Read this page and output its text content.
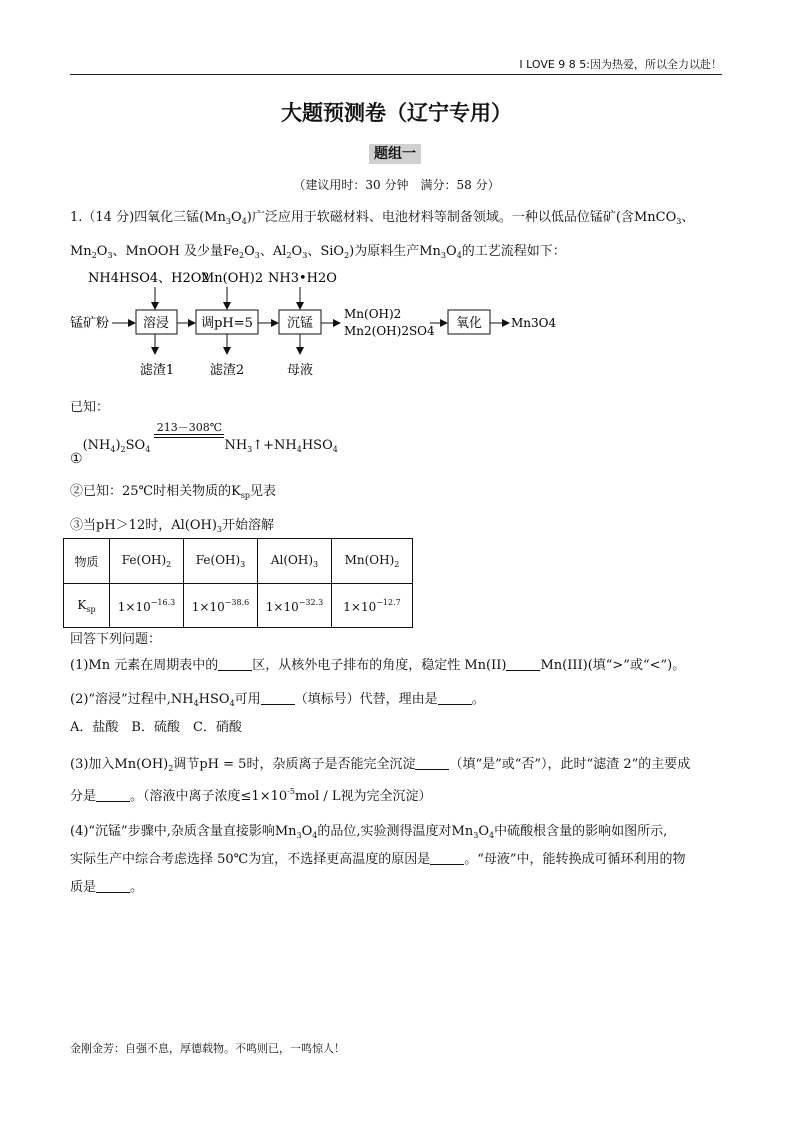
I LOVE 9 8 5:因为热爱，所以全力以赴！
大题预测卷（辽宁专用）
题组一
（建议用时：30 分钟　满分：58 分）
1.（14 分)四氧化三锰$(Mn_3O_4)$广泛应用于软磁材料、电池材料等制备领域。一种以低品位锰矿(含MnCO$_3$、
$Mn_2O_3$、MnOOH 及少量$Fe_2O_3$、$Al_2O_3$、SiO$_2$)为原料生产$Mn_3O_4$的工艺流程如下：
NH4HSO4、H2O2
Mn(OH)2 NH3•H2O
锰矿粉	溶浸 调pH=5	沉锰
Mn(OH)2
Mn2(OH)2SO4 氧化 Mn3O4
滤渣1	滤渣2	母液
已知：
$①(NH_4)_2SO_4$
213－308℃

$NH_3↑+NH_4HSO_4$
②已知：25℃时相关物质的$K_{sp}$见表
③当pH＞12时，$Al(OH)_3$开始溶解
物质	$Fe(OH)_2$	$Fe(OH)_3$	$Al(OH)_3$	$Mn(OH)_2$
$K_{sp}$	$1\times 10^{-16.3}$	$1\times 10^{-38.6}$	$1\times 10^{-32.3}$	$1\times 10^{-12.7}$
回答下列问题：
(1)Mn 元素在周期表中的	区，从核外电子排布的角度，稳定性 Mn(II)	Mn(III)(填“>”或“<”)。
(2)“溶浸”过程中$,NH_4HSO_4$可用	（填标号）代替，理由是	。
A．盐酸　B．硫酸　C．硝酸
(3)加入$Mn(OH)_2$调节pH = 5时，杂质离子是否能完全沉淀	（填“是”或“否”），此时“滤渣 2”的主要成
分是	。（溶液中离子浓度$\le 1\times 10^{-5}mol / L$视为完全沉淀）
(4)“沉锰”步骤中,杂质含量直接影响$Mn_3O_4$的品位,实验测得温度对$Mn_3O_4$中硫酸根含量的影响如图所示,
实际生产中综合考虑选择 50℃为宜，不选择更高温度的原因是	。“母液”中，能转换成可循环利用的物
质是	。
金刚金芳：自强不息，厚德载物。不鸣则已，一鸣惊人！
